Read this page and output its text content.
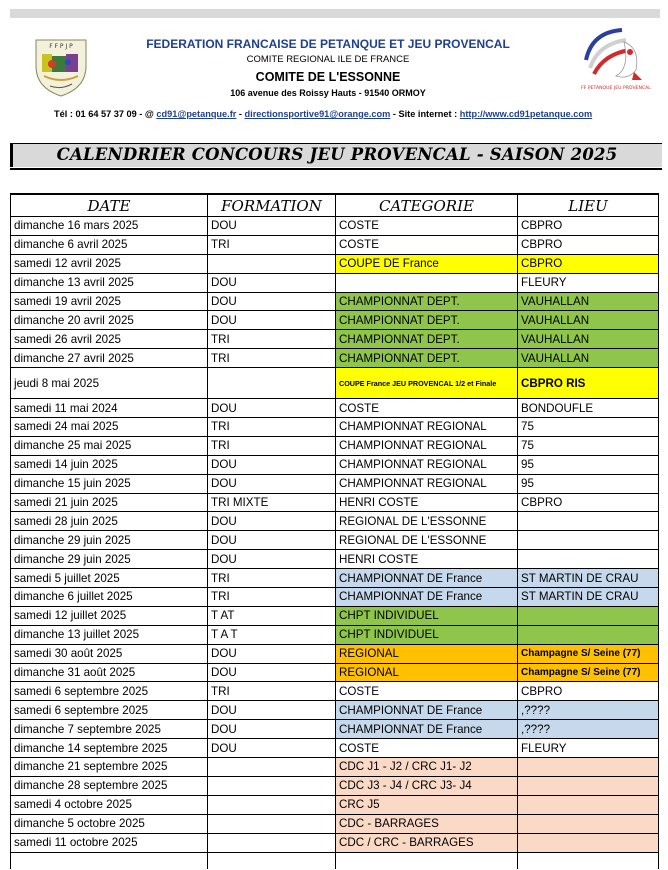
F F P J P
FF PETANQUE JEU PROVENCAL
FEDERATION FRANCAISE DE PETANQUE ET JEU PROVENCAL
COMITE REGIONAL ILE DE FRANCE
COMITE DE L'ESSONNE
106 avenue des Roissy Hauts - 91540 ORMOY
Tél : 01 64 57 37 09 - @ cd91@petanque.fr - directionsportive91@orange.com - Site internet : http://www.cd91petanque.com
CALENDRIER CONCOURS JEU PROVENCAL - SAISON 2025
DATE	FORMATION	CATEGORIE	LIEU
dimanche 16 mars 2025	DOU	COSTE	CBPRO
dimanche 6 avril 2025	TRI	COSTE	CBPRO
samedi 12 avril 2025		COUPE DE France	CBPRO
dimanche 13 avril 2025	DOU		FLEURY
samedi 19 avril 2025	DOU	CHAMPIONNAT DEPT.	VAUHALLAN
dimanche 20 avril 2025	DOU	CHAMPIONNAT DEPT.	VAUHALLAN
samedi 26 avril 2025	TRI	CHAMPIONNAT DEPT.	VAUHALLAN
dimanche 27 avril 2025	TRI	CHAMPIONNAT DEPT.	VAUHALLAN
jeudi 8 mai 2025		COUPE France JEU PROVENCAL 1/2 et Finale	CBPRO RIS
samedi 11 mai 2024	DOU	COSTE	BONDOUFLE
samedi 24 mai 2025	TRI	CHAMPIONNAT REGIONAL	75
dimanche 25 mai 2025	TRI	CHAMPIONNAT REGIONAL	75
samedi 14 juin 2025	DOU	CHAMPIONNAT REGIONAL	95
dimanche 15 juin 2025	DOU	CHAMPIONNAT REGIONAL	95
samedi 21 juin 2025	TRI MIXTE	HENRI COSTE	CBPRO
samedi 28 juin 2025	DOU	REGIONAL DE L'ESSONNE	
dimanche 29 juin 2025	DOU	REGIONAL DE L'ESSONNE	
dimanche 29 juin 2025	DOU	HENRI COSTE	
samedi 5 juillet 2025	TRI	CHAMPIONNAT DE France	ST MARTIN DE CRAU
dimanche 6 juillet 2025	TRI	CHAMPIONNAT DE France	ST MARTIN DE CRAU
samedi 12 juillet 2025	T AT	CHPT INDIVIDUEL	
dimanche 13 juillet 2025	T A T	CHPT INDIVIDUEL	
samedi 30 août 2025	DOU	REGIONAL	Champagne S/ Seine (77)
dimanche 31 août 2025	DOU	REGIONAL	Champagne S/ Seine (77)
samedi 6 septembre 2025	TRI	COSTE	CBPRO
samedi 6 septembre 2025	DOU	CHAMPIONNAT DE France	,????
dimanche 7 septembre 2025	DOU	CHAMPIONNAT DE France	,????
dimanche 14 septembre 2025	DOU	COSTE	FLEURY
dimanche 21 septembre 2025		CDC J1 - J2 / CRC J1- J2	
dimanche 28 septembre 2025		CDC J3 - J4 / CRC J3- J4	
samedi 4 octobre 2025		CRC J5	
dimanche 5 octobre 2025		CDC - BARRAGES	
samedi 11 octobre 2025		CDC / CRC - BARRAGES	
